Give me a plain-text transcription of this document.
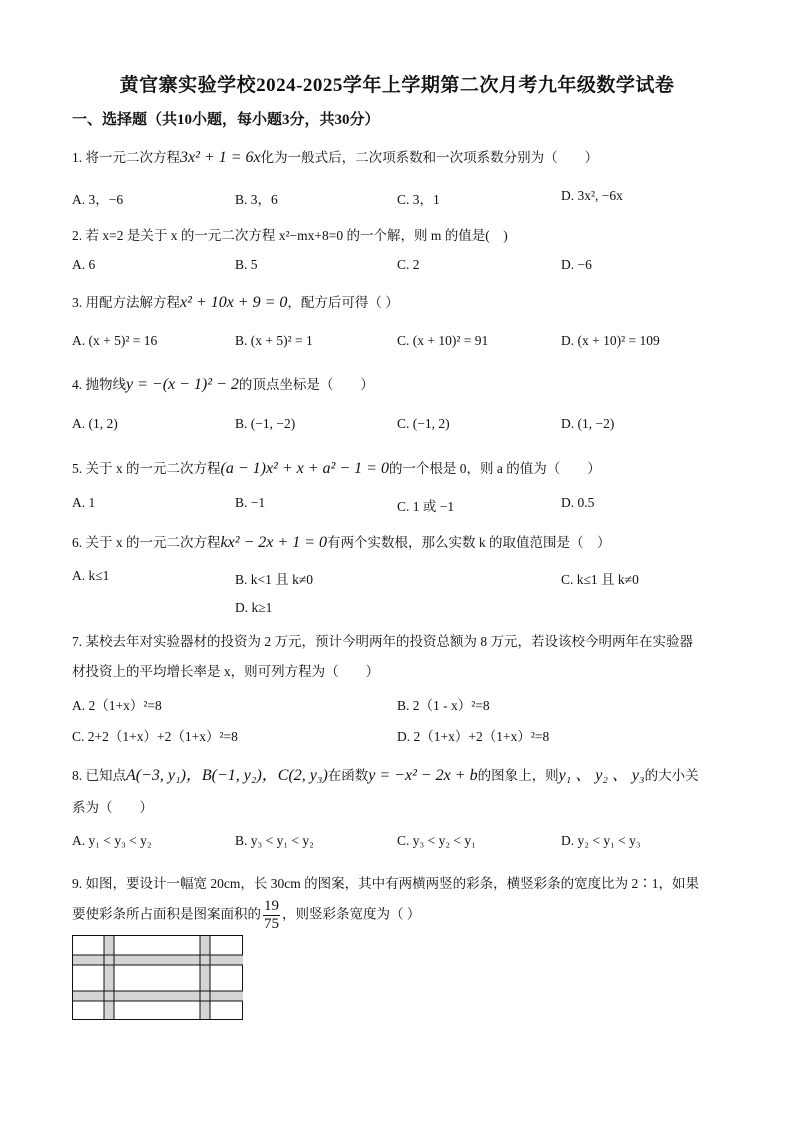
黄官寨实验学校2024-2025学年上学期第二次月考九年级数学试卷
一、选择题（共10小题，每小题3分，共30分）
1. 将一元二次方程3x² + 1 = 6x化为一般式后，二次项系数和一次项系数分别为（　　）
A. 3，−6	B. 3，6	C. 3，1	D. 3x², −6x
2. 若 x=2 是关于 x 的一元二次方程 x²−mx+8=0 的一个解，则 m 的值是(　)
A. 6	B. 5	C. 2	D. −6
3. 用配方法解方程x² + 10x + 9 = 0，配方后可得（ ）
A. (x + 5)² = 16	B. (x + 5)² = 1	C. (x + 10)² = 91	D. (x + 10)² = 109
4. 抛物线y = −(x − 1)² − 2的顶点坐标是（　　）
A. (1, 2)	B. (−1, −2)	C. (−1, 2)	D. (1, −2)
5. 关于 x 的一元二次方程(a − 1)x² + x + a² − 1 = 0的一个根是 0，则 a 的值为（　　）
A. 1	B. −1	C. 1 或 −1	D. 0.5
6. 关于 x 的一元二次方程kx² − 2x + 1 = 0有两个实数根，那么实数 k 的取值范围是（　）
A. k≤1	B. k<1 且 k≠0	C. k≤1 且 k≠0
D. k≥1
7. 某校去年对实验器材的投资为 2 万元，预计今明两年的投资总额为 8 万元，若设该校今明两年在实验器
材投资上的平均增长率是 x，则可列方程为（　　）
A. 2（1+x）²=8	B. 2（1 - x）²=8
C. 2+2（1+x）+2（1+x）²=8	D. 2（1+x）+2（1+x）²=8
8. 已知点A(−3, y₁)，B(−1, y₂)，C(2, y₃)在函数y = −x² − 2x + b的图象上，则y₁ 、 y₂ 、 y₃的大小关
系为（　　）
A. y₁ < y₃ < y₂	B. y₃ < y₁ < y₂	C. y₃ < y₂ < y₁	D. y₂ < y₁ < y₃
9. 如图，要设计一幅宽 20cm，长 30cm 的图案，其中有两横两竖的彩条，横竖彩条的宽度比为 2∶1，如果
要使彩条所占面积是图案面积的 $\frac{19}{75}$ ，则竖彩条宽度为（ ）
